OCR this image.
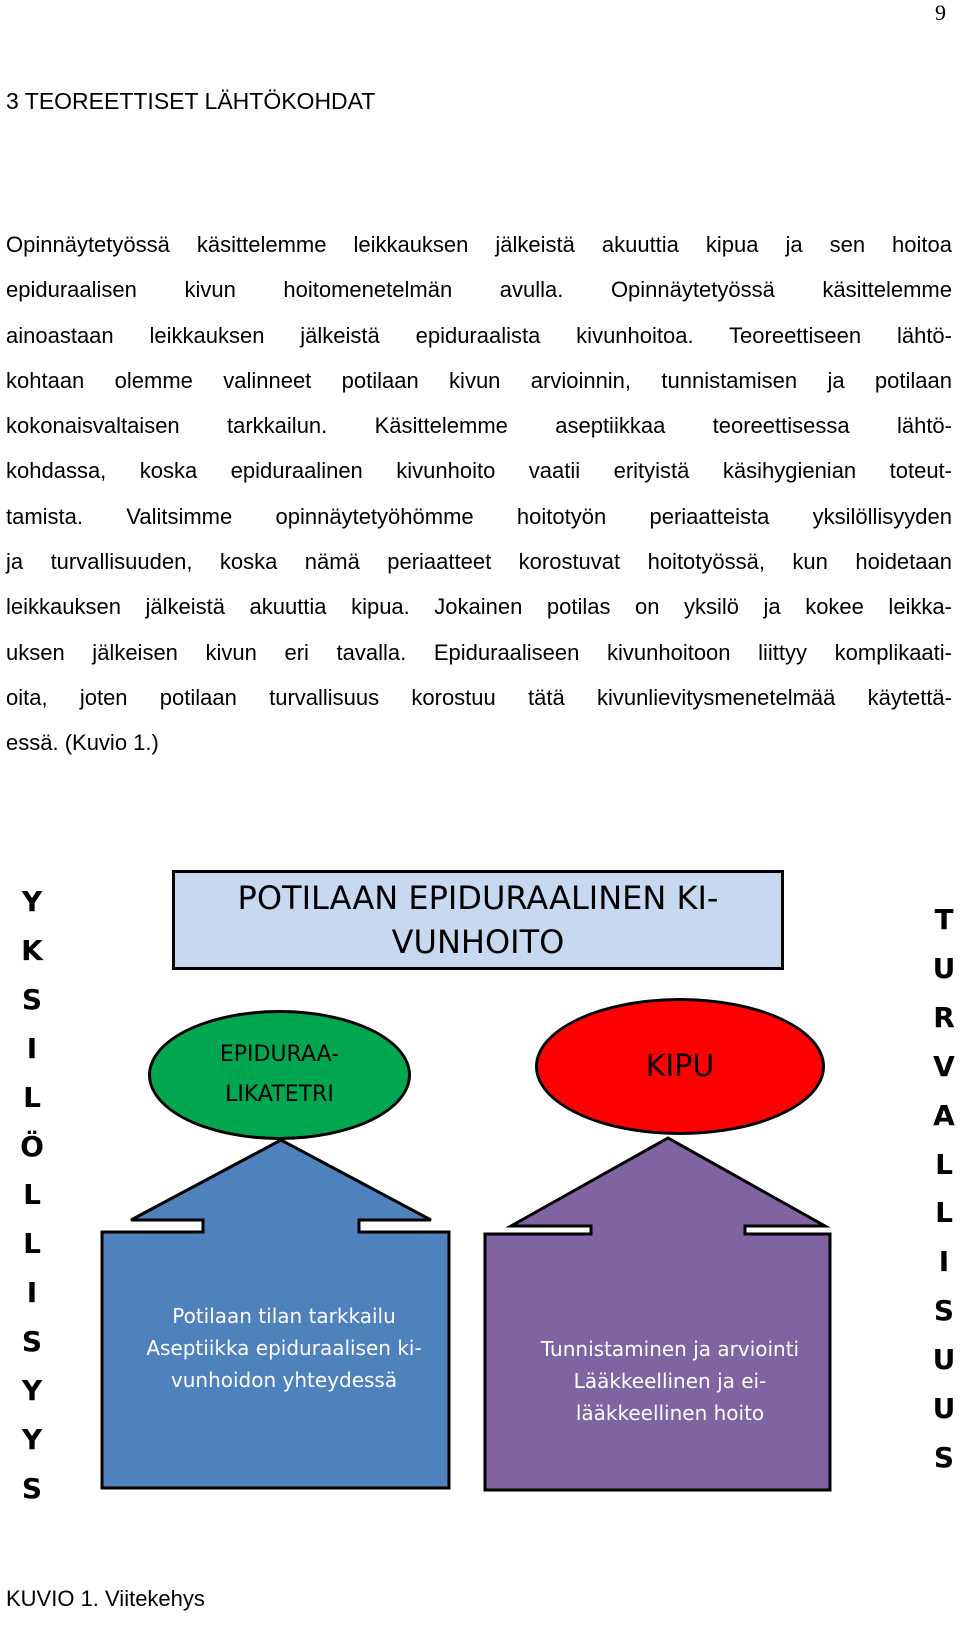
9
3 TEOREETTISET LÄHTÖKOHDAT
Opinnäytetyössä käsittelemme leikkauksen jälkeistä akuuttia kipua ja sen hoitoa
epiduraalisen kivun hoitomenetelmän avulla. Opinnäytetyössä käsittelemme
ainoastaan leikkauksen jälkeistä epiduraalista kivunhoitoa. Teoreettiseen lähtö-
kohtaan olemme valinneet potilaan kivun arvioinnin, tunnistamisen ja potilaan
kokonaisvaltaisen tarkkailun. Käsittelemme aseptiikkaa teoreettisessa lähtö-
kohdassa, koska epiduraalinen kivunhoito vaatii erityistä käsihygienian toteut-
tamista. Valitsimme opinnäytetyöhömme hoitotyön periaatteista yksilöllisyyden
ja turvallisuuden, koska nämä periaatteet korostuvat hoitotyössä, kun hoidetaan
leikkauksen jälkeistä akuuttia kipua. Jokainen potilas on yksilö ja kokee leikka-
uksen jälkeisen kivun eri tavalla. Epiduraaliseen kivunhoitoon liittyy komplikaati-
oita, joten potilaan turvallisuus korostuu tätä kivunlievitysmenetelmää käytettä-
essä. (Kuvio 1.)
Y
K
S
I
L
Ö
L
L
I
S
Y
Y
S
T
U
R
V
A
L
L
I
S
U
U
S
POTILAAN EPIDURAALINEN KI-
VUNHOITO
EPIDURAA-
LIKATETRI
KIPU
Potilaan tilan tarkkailu
Aseptiikka epiduraalisen ki-
vunhoidon yhteydessä
Tunnistaminen ja arviointi
Lääkkeellinen ja ei-
lääkkeellinen hoito
KUVIO 1. Viitekehys
